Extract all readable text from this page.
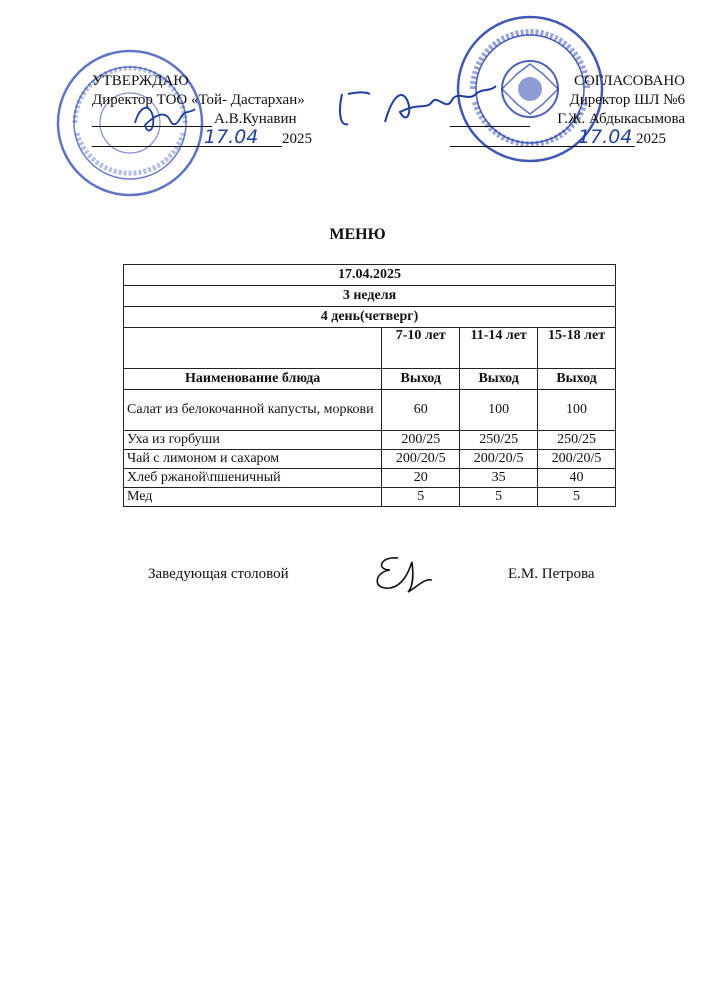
УТВЕРЖДАЮ
Директор ТОО «Той- Дастархан»
А.В.Кунавин
17.04 2025
СОГЛАСОВАНО
Директор ШЛ №6
Г.Ж. Абдыкасымова
17.04 2025
МЕНЮ
17.04.2025			
3 неделя			
4 день(четверг)			
	7-10 лет	11-14 лет	15-18 лет
Наименование блюда	Выход	Выход	Выход
Салат из белокочанной капусты, моркови	60	100	100
Уха из горбуши	200/25	250/25	250/25
Чай с лимоном и сахаром	200/20/5	200/20/5	200/20/5
Хлеб ржаной\пшеничный	20	35	40
Мед	5	5	5
Заведующая столовой	Е.М. Петрова
